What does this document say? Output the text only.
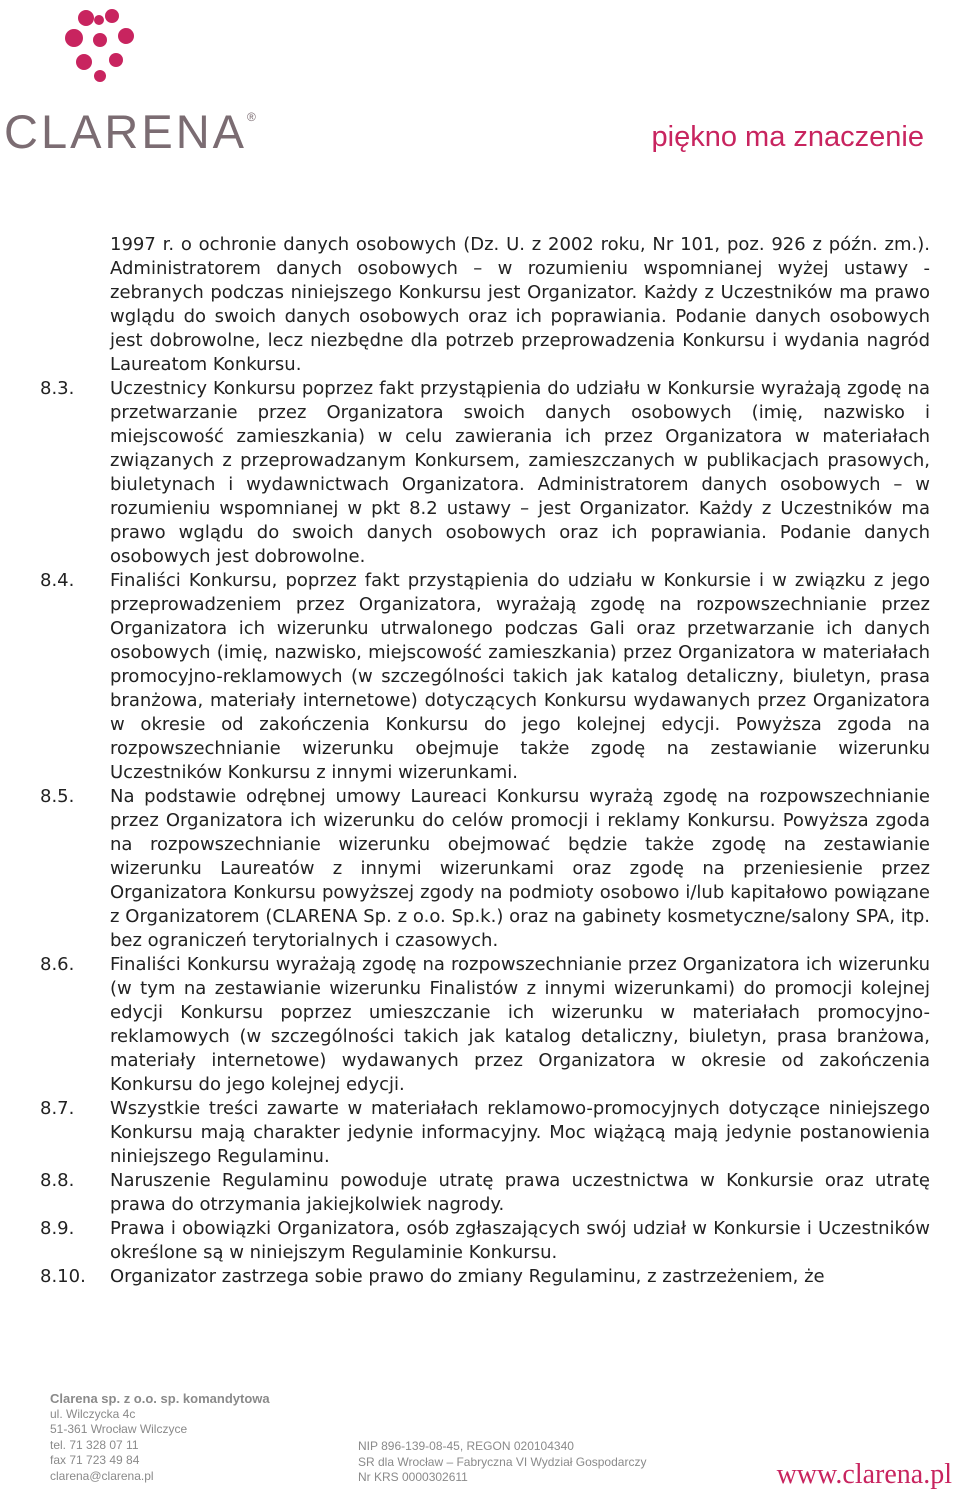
CLARENA®
piękno ma znaczenie
1997 r. o ochronie danych osobowych (Dz. U. z 2002 roku, Nr 101, poz. 926 z późn. zm.). Administratorem danych osobowych – w rozumieniu wspomnianej wyżej ustawy - zebranych podczas niniejszego Konkursu jest Organizator. Każdy z Uczestników ma prawo wglądu do swoich danych osobowych oraz ich poprawiania. Podanie danych osobowych jest dobrowolne, lecz niezbędne dla potrzeb przeprowadzenia Konkursu i wydania nagród Laureatom Konkursu.
8.3.	Uczestnicy Konkursu poprzez fakt przystąpienia do udziału w Konkursie wyrażają zgodę na przetwarzanie przez Organizatora swoich danych osobowych (imię, nazwisko i miejscowość zamieszkania) w celu zawierania ich przez Organizatora w materiałach związanych z przeprowadzanym Konkursem, zamieszczanych w publikacjach prasowych, biuletynach i wydawnictwach Organizatora. Administratorem danych osobowych – w rozumieniu wspomnianej w pkt 8.2 ustawy – jest Organizator. Każdy z Uczestników ma prawo wglądu do swoich danych osobowych oraz ich poprawiania. Podanie danych osobowych jest dobrowolne.
8.4.	Finaliści Konkursu, poprzez fakt przystąpienia do udziału w Konkursie i w związku z jego przeprowadzeniem przez Organizatora, wyrażają zgodę na rozpowszechnianie przez Organizatora ich wizerunku utrwalonego podczas Gali oraz przetwarzanie ich danych osobowych (imię, nazwisko, miejscowość zamieszkania) przez Organizatora w materiałach promocyjno-reklamowych (w szczególności takich jak katalog detaliczny, biuletyn, prasa branżowa, materiały internetowe) dotyczących Konkursu wydawanych przez Organizatora w okresie od zakończenia Konkursu do jego kolejnej edycji. Powyższa zgoda na rozpowszechnianie wizerunku obejmuje także zgodę na zestawianie wizerunku Uczestników Konkursu z innymi wizerunkami.
8.5.	Na podstawie odrębnej umowy Laureaci Konkursu wyrażą zgodę na rozpowszechnianie przez Organizatora ich wizerunku do celów promocji i reklamy Konkursu. Powyższa zgoda na rozpowszechnianie wizerunku obejmować będzie także zgodę na zestawianie wizerunku Laureatów z innymi wizerunkami oraz zgodę na przeniesienie przez Organizatora Konkursu powyższej zgody na podmioty osobowo i/lub kapitałowo powiązane z Organizatorem (CLARENA Sp. z o.o. Sp.k.) oraz na gabinety kosmetyczne/salony SPA, itp. bez ograniczeń terytorialnych i czasowych.
8.6.	Finaliści Konkursu wyrażają zgodę na rozpowszechnianie przez Organizatora ich wizerunku (w tym na zestawianie wizerunku Finalistów z innymi wizerunkami) do promocji kolejnej edycji Konkursu poprzez umieszczanie ich wizerunku w materiałach promocyjno-reklamowych (w szczególności takich jak katalog detaliczny, biuletyn, prasa branżowa, materiały internetowe) wydawanych przez Organizatora w okresie od zakończenia Konkursu do jego kolejnej edycji.
8.7.	Wszystkie treści zawarte w materiałach reklamowo-promocyjnych dotyczące niniejszego Konkursu mają charakter jedynie informacyjny. Moc wiążącą mają jedynie postanowienia niniejszego Regulaminu.
8.8.	Naruszenie Regulaminu powoduje utratę prawa uczestnictwa w Konkursie oraz utratę prawa do otrzymania jakiejkolwiek nagrody.
8.9.	Prawa i obowiązki Organizatora, osób zgłaszających swój udział w Konkursie i Uczestników określone są w niniejszym Regulaminie Konkursu.
8.10.	Organizator zastrzega sobie prawo do zmiany Regulaminu, z zastrzeżeniem, że
Clarena sp. z o.o. sp. komandytowa
ul. Wilczycka 4c
51-361 Wrocław Wilczyce
tel. 71 328 07 11
fax 71 723 49 84
clarena@clarena.pl
NIP 896-139-08-45, REGON 020104340
SR dla Wrocław – Fabryczna VI Wydział Gospodarczy
Nr KRS 0000302611	www.clarena.pl
